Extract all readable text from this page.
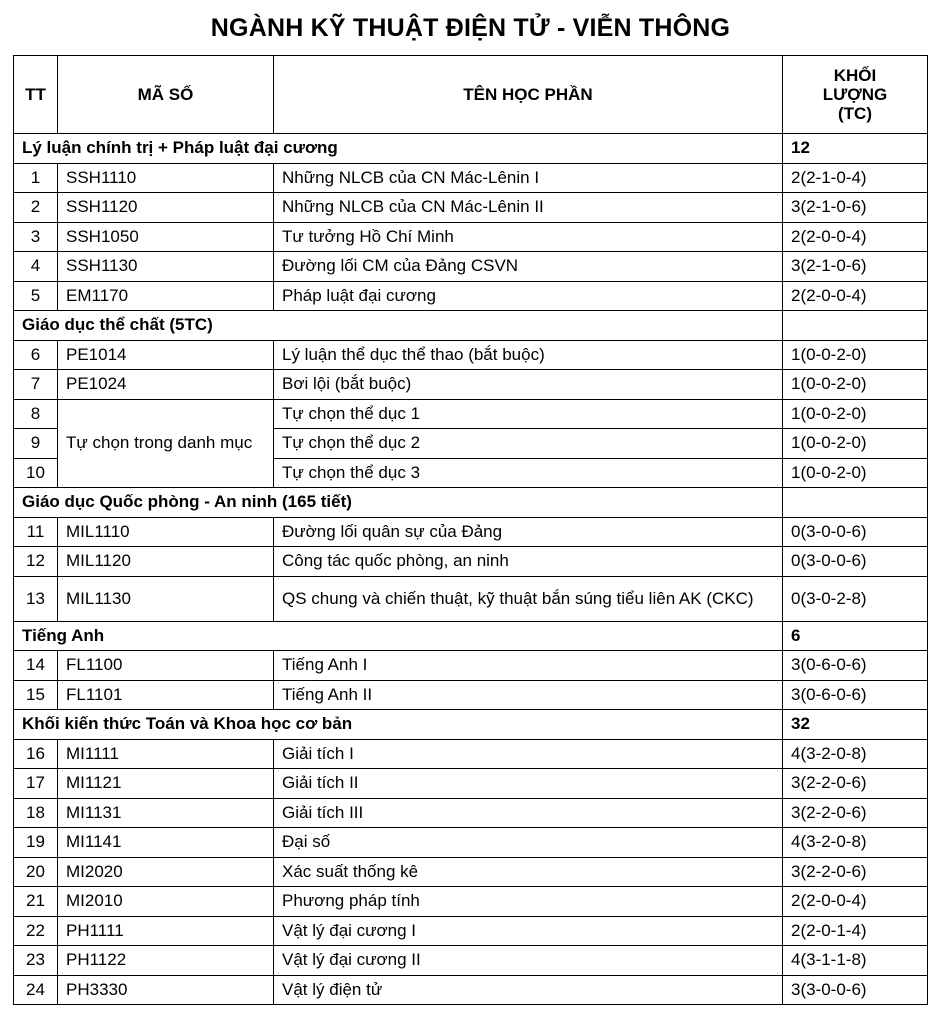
NGÀNH KỸ THUẬT ĐIỆN TỬ - VIỄN THÔNG
TT	MÃ SỐ	TÊN HỌC PHẦN	KHỐI
LƯỢNG
(TC)

Lý luận chính trị + Pháp luật đại cương			12
1	SSH1110	Những NLCB của CN Mác-Lênin I	2(2-1-0-4)
2	SSH1120	Những NLCB của CN Mác-Lênin II	3(2-1-0-6)
3	SSH1050	Tư tưởng Hồ Chí Minh	2(2-0-0-4)
4	SSH1130	Đường lối CM của Đảng CSVN	3(2-1-0-6)
5	EM1170	Pháp luật đại cương	2(2-0-0-4)
Giáo dục thể chất (5TC)			
6	PE1014	Lý luận thể dục thể thao (bắt buộc)	1(0-0-2-0)
7	PE1024	Bơi lội (bắt buộc)	1(0-0-2-0)
8	Tự chọn trong danh mục	Tự chọn thể dục 1	1(0-0-2-0)
9		Tự chọn thể dục 2	1(0-0-2-0)
10		Tự chọn thể dục 3	1(0-0-2-0)
Giáo dục Quốc phòng - An ninh (165 tiết)			
11	MIL1110	Đường lối quân sự của Đảng	0(3-0-0-6)
12	MIL1120	Công tác quốc phòng, an ninh	0(3-0-0-6)
13	MIL1130	QS chung và chiến thuật, kỹ thuật bắn súng tiểu liên AK (CKC)	0(3-0-2-8)
Tiếng Anh			6
14	FL1100	Tiếng Anh I	3(0-6-0-6)
15	FL1101	Tiếng Anh II	3(0-6-0-6)
Khối kiến thức Toán và Khoa học cơ bản			32
16	MI1111	Giải tích I	4(3-2-0-8)
17	MI1121	Giải tích II	3(2-2-0-6)
18	MI1131	Giải tích III	3(2-2-0-6)
19	MI1141	Đại số	4(3-2-0-8)
20	MI2020	Xác suất thống kê	3(2-2-0-6)
21	MI2010	Phương pháp tính	2(2-0-0-4)
22	PH1111	Vật lý đại cương I	2(2-0-1-4)
23	PH1122	Vật lý đại cương II	4(3-1-1-8)
24	PH3330	Vật lý điện tử	3(3-0-0-6)
